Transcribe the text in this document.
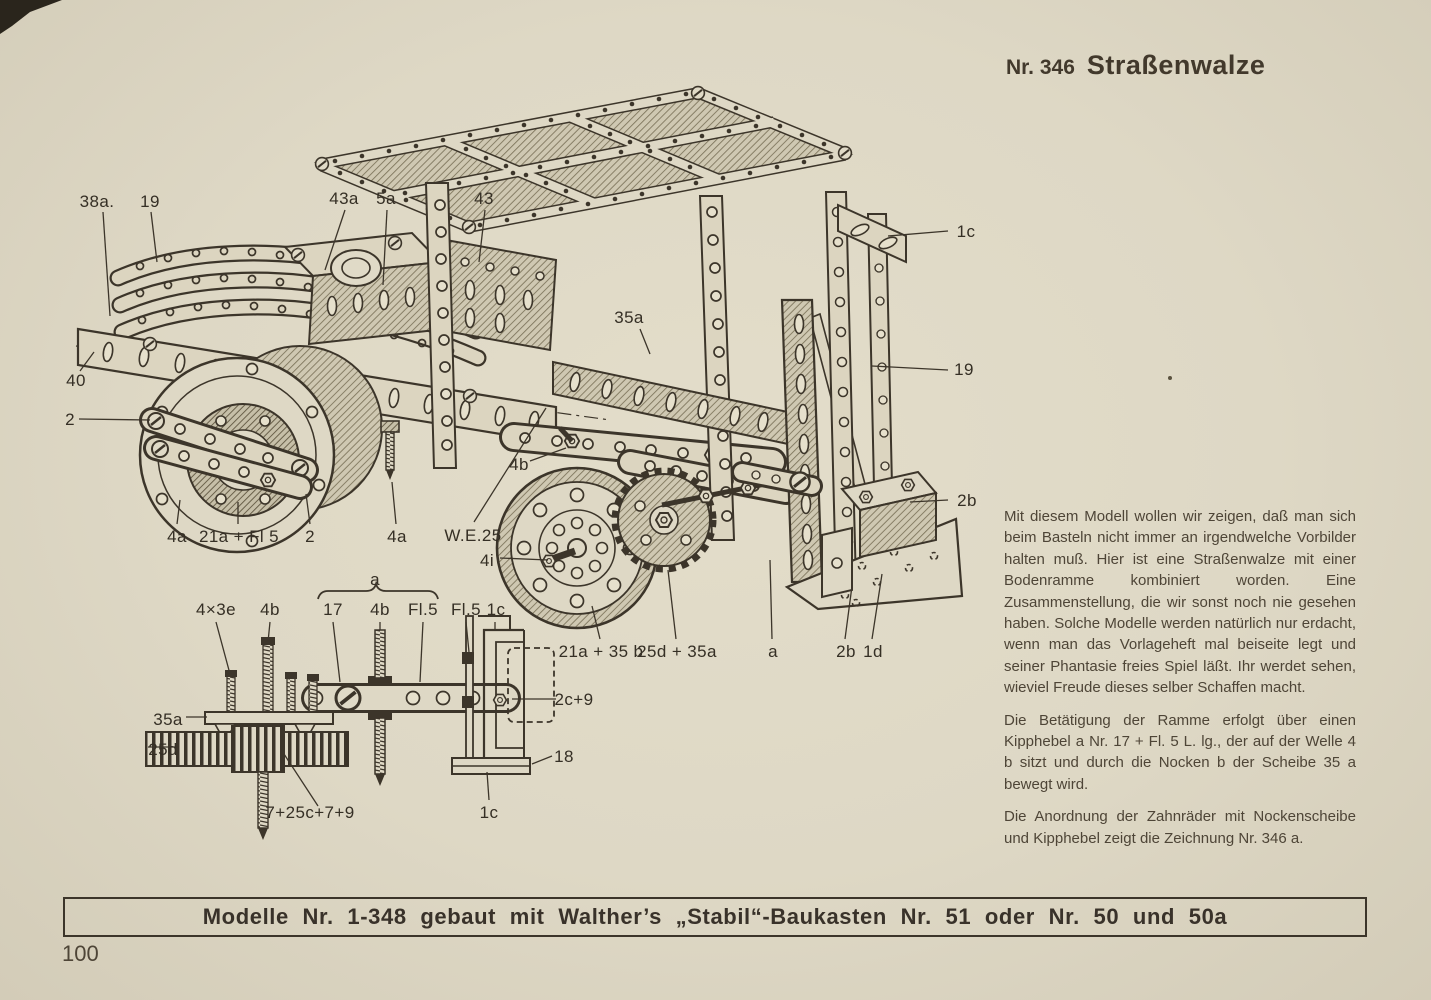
38a. 19	43a 5a	43
1c
35a
19
40
2
4a 21a + Fl 5 2	4a W.E.25
4b
4i
21a + 35 b
25d + 35a	a	2b 1d
2b
a
4×3e 4b	17 4b Fl.5 Fl.5 1c
35a
25d
2c+9
18
7+25c+7+9	1c
Nr. 346 Straßenwalze

Mit diesem Modell wollen wir zeigen, daß man sich beim Basteln nicht immer an irgendwelche Vorbilder halten muß. Hier ist eine Straßenwalze mit einer Bodenramme kombiniert worden. Eine Zusammenstellung, die wir sonst noch nie gesehen haben. Solche Modelle werden natürlich nur erdacht, wenn man das Vorlageheft mal beiseite legt und seiner Phantasie freies Spiel läßt. Ihr werdet sehen, wieviel Freude dieses selber Schaffen macht.

Die Betätigung der Ramme erfolgt über einen Kipphebel a Nr. 17 + Fl. 5 L. lg., der auf der Welle 4 b sitzt und durch die Nocken b der Scheibe 35 a bewegt wird.

Die Anordnung der Zahnräder mit Nockenscheibe und Kipphebel zeigt die Zeichnung Nr. 346 a.

Modelle Nr. 1-348 gebaut mit Walther’s „Stabil“-Baukasten Nr. 51 oder Nr. 50 und 50a
100
